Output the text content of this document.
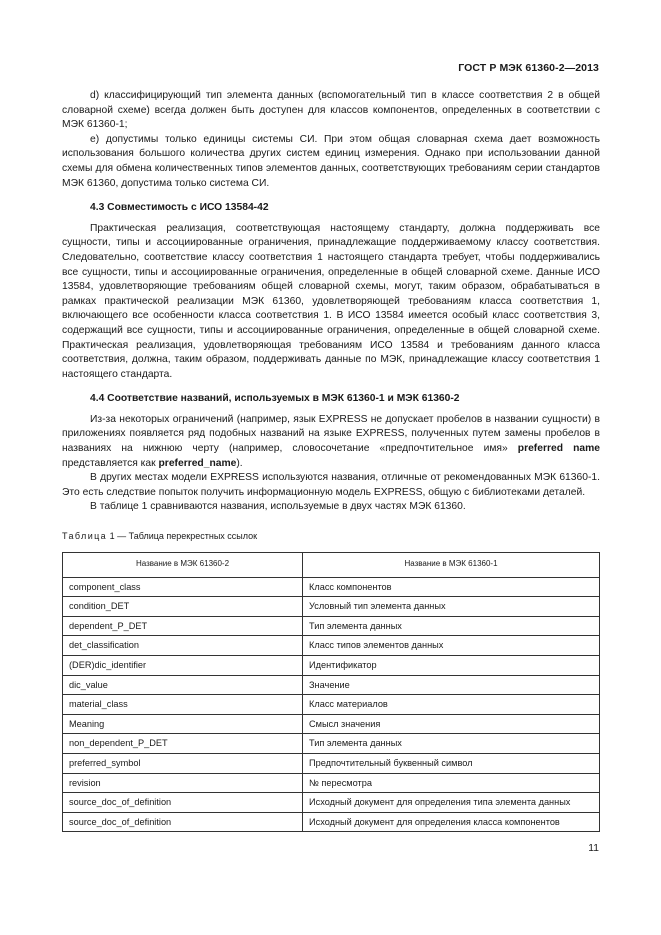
ГОСТ Р МЭК 61360-2—2013

d) классифицирующий тип элемента данных (вспомогательный тип в классе соответствия 2 в общей словарной схеме) всегда должен быть доступен для классов компонентов, определенных в соответствии с МЭК 61360-1;

e) допустимы только единицы системы СИ. При этом общая словарная схема дает возможность использования большого количества других систем единиц измерения. Однако при использовании данной схемы для обмена количественных типов элементов данных, соответствующих требованиям серии стандартов МЭК 61360, допустима только система СИ.

4.3 Совместимость с ИСО 13584-42

Практическая реализация, соответствующая настоящему стандарту, должна поддерживать все сущности, типы и ассоциированные ограничения, принадлежащие поддерживаемому классу соответствия. Следовательно, соответствие классу соответствия 1 настоящего стандарта требует, чтобы поддерживались все сущности, типы и ассоциированные ограничения, определенные в общей словарной схеме. Данные ИСО 13584, удовлетворяющие требованиям общей словарной схемы, могут, таким образом, обрабатываться в рамках практической реализации МЭК 61360, удовлетворяющей требованиям класса соответствия 1, включающего все особенности класса соответствия 1. В ИСО 13584 имеется особый класс соответствия 3, содержащий все сущности, типы и ассоциированные ограничения, определенные в общей словарной схеме. Практическая реализация, удовлетворяющая требованиям ИСО 13584 и требованиям данного класса соответствия, должна, таким образом, поддерживать данные по МЭК, принадлежащие классу соответствия 1 настоящего стандарта.

4.4 Соответствие названий, используемых в МЭК 61360-1 и МЭК 61360-2

Из-за некоторых ограничений (например, язык EXPRESS не допускает пробелов в названии сущности) в приложениях появляется ряд подобных названий на языке EXPRESS, полученных путем замены пробелов в названиях на нижнюю черту (например, словосочетание «предпочтительное имя» preferred name представляется как preferred_name).

В других местах модели EXPRESS используются названия, отличные от рекомендованных МЭК 61360-1. Это есть следствие попыток получить информационную модель EXPRESS, общую с библиотеками деталей.

В таблице 1 сравниваются названия, используемые в двух частях МЭК 61360.

Таблица 1 — Таблица перекрестных ссылок
Название в МЭК 61360-2	Название в МЭК 61360-1
component_class	Класс компонентов
condition_DET	Условный тип элемента данных
dependent_P_DET	Тип элемента данных
det_classification	Класс типов элементов данных
(DER)dic_identifier	Идентификатор
dic_value	Значение
material_class	Класс материалов
Meaning	Смысл значения
non_dependent_P_DET	Тип элемента данных
preferred_symbol	Предпочтительный буквенный символ
revision	№ пересмотра
source_doc_of_definition	Исходный документ для определения типа элемента данных
source_doc_of_definition	Исходный документ для определения класса компонентов
11
